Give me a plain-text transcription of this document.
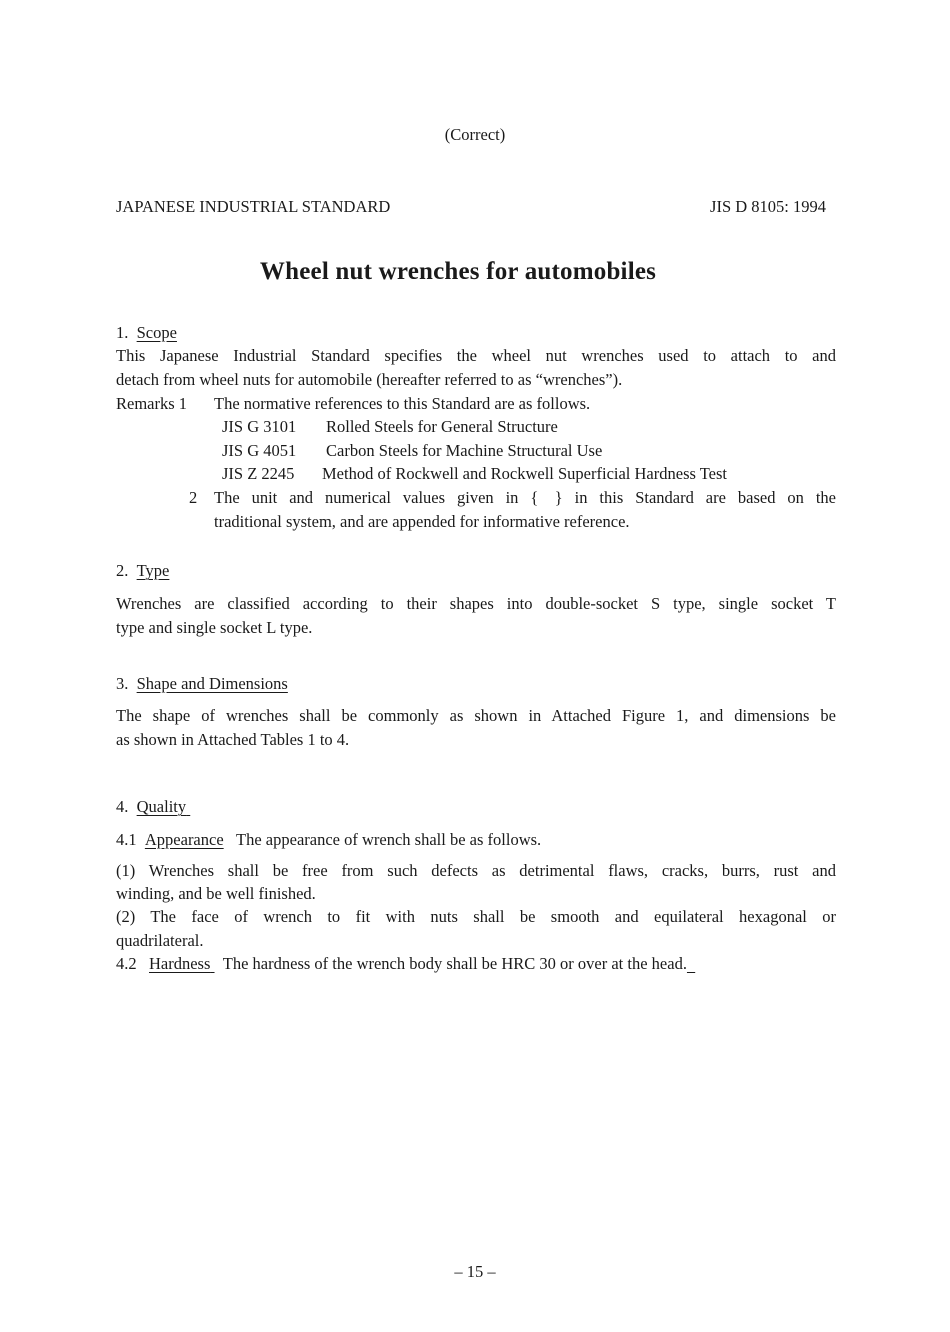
(Correct)
JAPANESE INDUSTRIAL STANDARD	JIS D 8105: 1994
Wheel nut wrenches for automobiles
1. Scope
This Japanese Industrial Standard specifies the wheel nut wrenches used to attach to and
detach from wheel nuts for automobile (hereafter referred to as “wrenches”).
Remarks 1 The normative references to this Standard are as follows.
JIS G 3101 Rolled Steels for General Structure
JIS G 4051 Carbon Steels for Machine Structural Use
JIS Z 2245 Method of Rockwell and Rockwell Superficial Hardness Test
2 The unit and numerical values given in { } in this Standard are based on the
traditional system, and are appended for informative reference.
2. Type
Wrenches are classified according to their shapes into double-socket S type, single socket T
type and single socket L type.
3. Shape and Dimensions
The shape of wrenches shall be commonly as shown in Attached Figure 1, and dimensions be
as shown in Attached Tables 1 to 4.
4. Quality
4.1 Appearance The appearance of wrench shall be as follows.
(1) Wrenches shall be free from such defects as detrimental flaws, cracks, burrs, rust and
winding, and be well finished.
(2) The face of wrench to fit with nuts shall be smooth and equilateral hexagonal or
quadrilateral.
4.2 Hardness The hardness of the wrench body shall be HRC 30 or over at the head.
– 15 –
